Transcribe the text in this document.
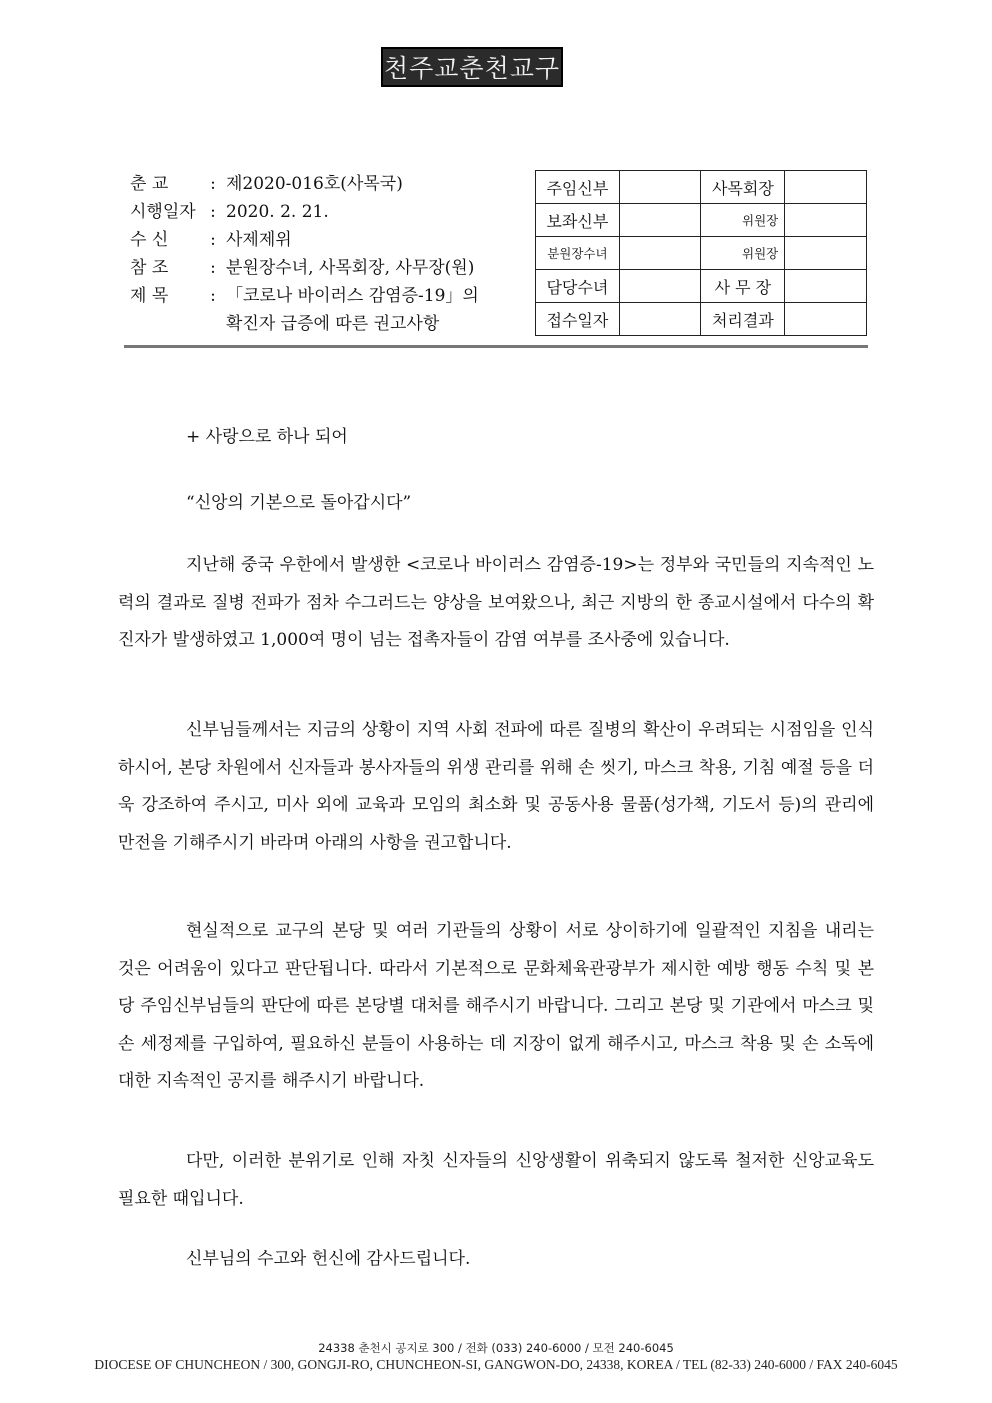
천주교춘천교구
춘 교	: 제2020-016호(사목국)
시행일자 : 2020. 2. 21.
수 신	: 사제제위
참 조	: 분원장수녀, 사목회장, 사무장(원)
제 목	: 「코로나 바이러스 감염증-19」의
확진자 급증에 따른 권고사항
주임신부		사목회장	
보좌신부		위원장	
분원장수녀		위원장	
담당수녀		사 무 장	
접수일자		처리결과	
+ 사랑으로 하나 되어
“신앙의 기본으로 돌아갑시다”

지난해 중국 우한에서 발생한 <코로나 바이러스 감염증-19>는 정부와 국민들의 지속적인 노력의 결과로 질병 전파가 점차 수그러드는 양상을 보여왔으나, 최근 지방의 한 종교시설에서 다수의 확진자가 발생하였고 1,000여 명이 넘는 접촉자들이 감염 여부를 조사중에 있습니다.

신부님들께서는 지금의 상황이 지역 사회 전파에 따른 질병의 확산이 우려되는 시점임을 인식하시어, 본당 차원에서 신자들과 봉사자들의 위생 관리를 위해 손 씻기, 마스크 착용, 기침 예절 등을 더욱 강조하여 주시고, 미사 외에 교육과 모임의 최소화 및 공동사용 물품(성가책, 기도서 등)의 관리에 만전을 기해주시기 바라며 아래의 사항을 권고합니다.

현실적으로 교구의 본당 및 여러 기관들의 상황이 서로 상이하기에 일괄적인 지침을 내리는 것은 어려움이 있다고 판단됩니다. 따라서 기본적으로 문화체육관광부가 제시한 예방 행동 수칙 및 본당 주임신부님들의 판단에 따른 본당별 대처를 해주시기 바랍니다. 그리고 본당 및 기관에서 마스크 및 손 세정제를 구입하여, 필요하신 분들이 사용하는 데 지장이 없게 해주시고, 마스크 착용 및 손 소독에 대한 지속적인 공지를 해주시기 바랍니다.

다만, 이러한 분위기로 인해 자칫 신자들의 신앙생활이 위축되지 않도록 철저한 신앙교육도 필요한 때입니다.

신부님의 수고와 헌신에 감사드립니다.

24338 춘천시 공지로 300 / 전화 (033) 240-6000 / 모전 240-6045
DIOCESE OF CHUNCHEON / 300, GONGJI-RO, CHUNCHEON-SI, GANGWON-DO, 24338, KOREA / TEL (82-33) 240-6000 / FAX 240-6045
